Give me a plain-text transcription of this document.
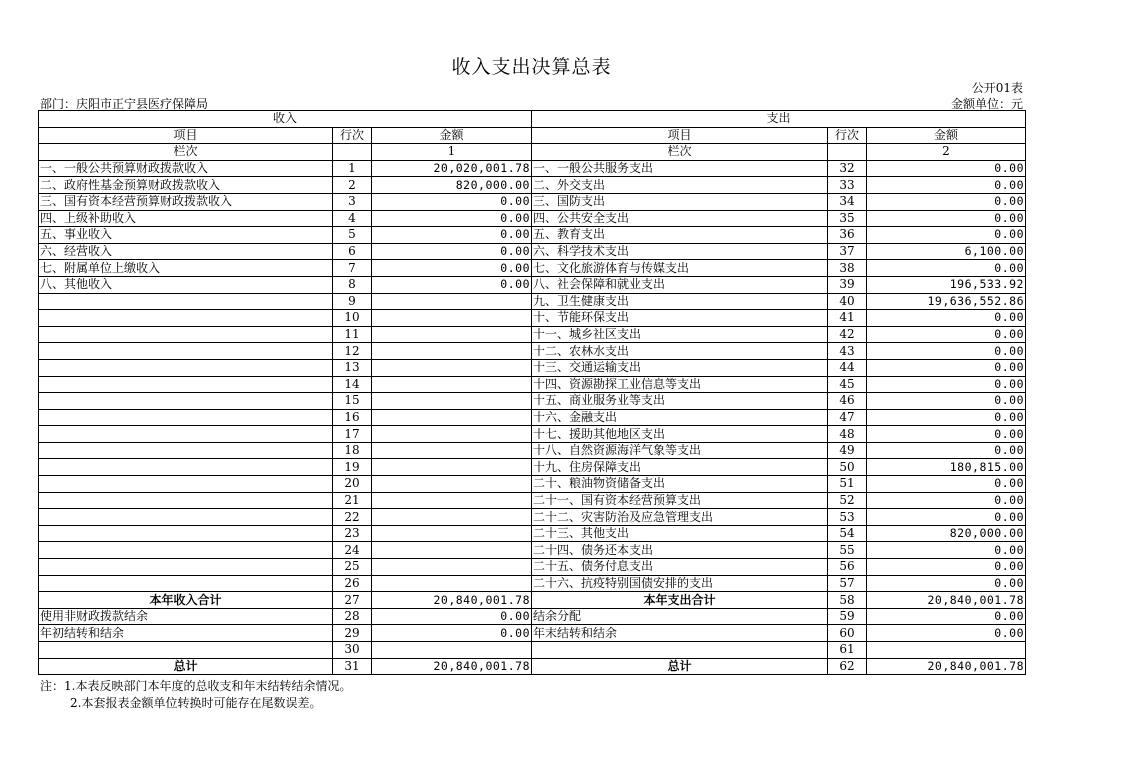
收入支出决算总表
公开01表
部门：庆阳市正宁县医疗保障局	金额单位：元
收入			支出		
项目	行次	金额	项目	行次	金额
栏次		1	栏次		2
一、一般公共预算财政拨款收入	1	20,020,001.78	一、一般公共服务支出	32	0.00
二、政府性基金预算财政拨款收入	2	820,000.00	二、外交支出	33	0.00
三、国有资本经营预算财政拨款收入	3	0.00	三、国防支出	34	0.00
四、上级补助收入	4	0.00	四、公共安全支出	35	0.00
五、事业收入	5	0.00	五、教育支出	36	0.00
六、经营收入	6	0.00	六、科学技术支出	37	6,100.00
七、附属单位上缴收入	7	0.00	七、文化旅游体育与传媒支出	38	0.00
八、其他收入	8	0.00	八、社会保障和就业支出	39	196,533.92
	9		九、卫生健康支出	40	19,636,552.86
	10		十、节能环保支出	41	0.00
	11		十一、城乡社区支出	42	0.00
	12		十二、农林水支出	43	0.00
	13		十三、交通运输支出	44	0.00
	14		十四、资源勘探工业信息等支出	45	0.00
	15		十五、商业服务业等支出	46	0.00
	16		十六、金融支出	47	0.00
	17		十七、援助其他地区支出	48	0.00
	18		十八、自然资源海洋气象等支出	49	0.00
	19		十九、住房保障支出	50	180,815.00
	20		二十、粮油物资储备支出	51	0.00
	21		二十一、国有资本经营预算支出	52	0.00
	22		二十二、灾害防治及应急管理支出	53	0.00
	23		二十三、其他支出	54	820,000.00
	24		二十四、债务还本支出	55	0.00
	25		二十五、债务付息支出	56	0.00
	26		二十六、抗疫特别国债安排的支出	57	0.00
本年收入合计	27	20,840,001.78	本年支出合计	58	20,840,001.78
使用非财政拨款结余	28	0.00	结余分配	59	0.00
年初结转和结余	29	0.00	年末结转和结余	60	0.00
	30			61	
总计	31	20,840,001.78	总计	62	20,840,001.78
注：1.本表反映部门本年度的总收支和年末结转结余情况。
2.本套报表金额单位转换时可能存在尾数误差。
